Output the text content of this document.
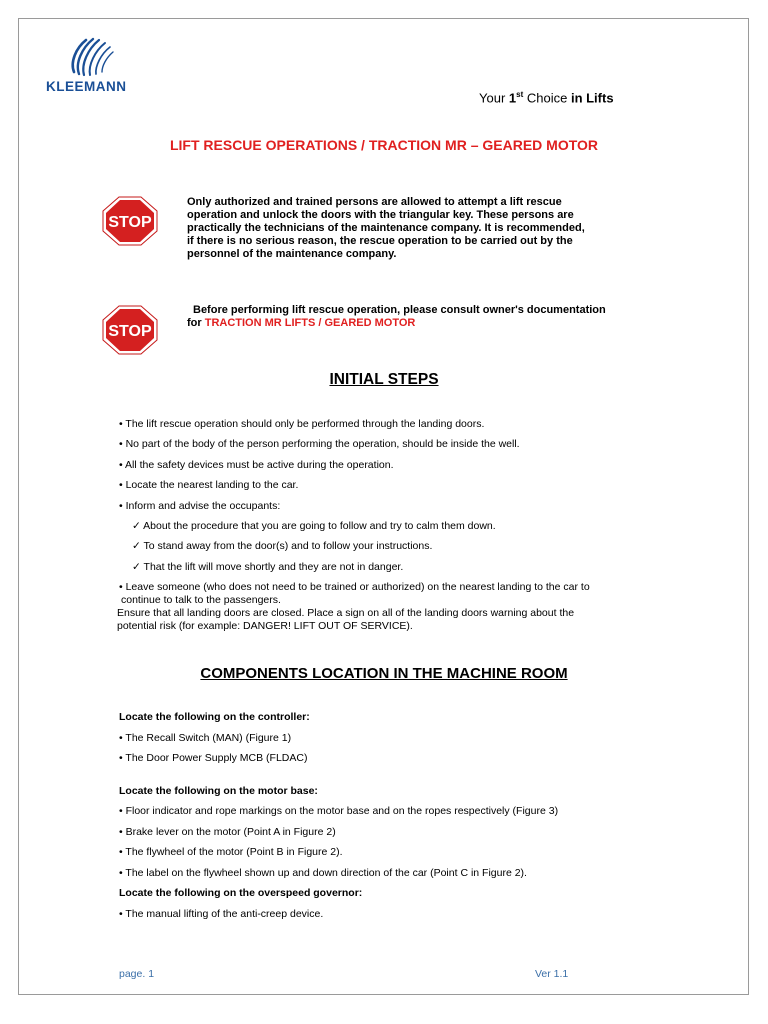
KLEEMANN
Your 1st Choice in Lifts
LIFT RESCUE OPERATIONS / TRACTION MR – GEARED MOTOR
STOP
Only authorized and trained persons are allowed to attempt a lift rescue
operation and unlock the doors with the triangular key. These persons are
practically the technicians of the maintenance company. It is recommended,
if there is no serious reason, the rescue operation to be carried out by the
personnel of the maintenance company.
STOP
Before performing lift rescue operation, please consult owner's documentation
for TRACTION MR LIFTS / GEARED MOTOR
INITIAL STEPS
• The lift rescue operation should only be performed through the landing doors.
• No part of the body of the person performing the operation, should be inside the well.
• All the safety devices must be active during the operation.
• Locate the nearest landing to the car.
• Inform and advise the occupants:
✓ About the procedure that you are going to follow and try to calm them down.
✓ To stand away from the door(s) and to follow your instructions.
✓ That the lift will move shortly and they are not in danger.
• Leave someone (who does not need to be trained or authorized) on the nearest landing to the car to
continue to talk to the passengers.
Ensure that all landing doors are closed. Place a sign on all of the landing doors warning about the
potential risk (for example: DANGER! LIFT OUT OF SERVICE).
COMPONENTS LOCATION IN THE MACHINE ROOM
Locate the following on the controller:
• The Recall Switch (MAN) (Figure 1)
• The Door Power Supply MCB (FLDAC)
Locate the following on the motor base:
• Floor indicator and rope markings on the motor base and on the ropes respectively (Figure 3)
• Brake lever on the motor (Point A in Figure 2)
• The flywheel of the motor (Point B in Figure 2).
• The label on the flywheel shown up and down direction of the car (Point C in Figure 2).
Locate the following on the overspeed governor:
• The manual lifting of the anti-creep device.
page. 1	Ver 1.1
